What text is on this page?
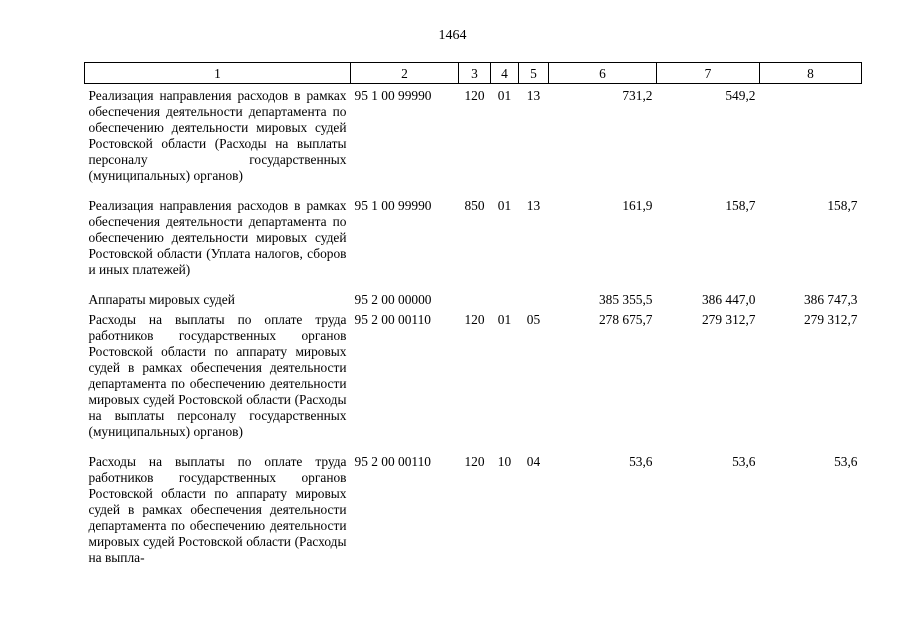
1464
1	2	3	4	5	6	7	8
Реализация направления расходов в рамках обеспечения деятельности департамента по обеспечению деятельности мировых судей Ростовской области (Расходы на выплаты персоналу государственных (муниципальных) органов)	95 1 00 99990	120	01	13	731,2	549,2	
Реализация направления расходов в рамках обеспечения деятельности департамента по обеспечению деятельности мировых судей Ростовской области (Уплата налогов, сборов и иных платежей)	95 1 00 99990	850	01	13	161,9	158,7	158,7
Аппараты мировых судей	95 2 00 00000				385 355,5	386 447,0	386 747,3
Расходы на выплаты по оплате труда работников государственных органов Ростовской области по аппарату мировых судей в рамках обеспечения деятельности департамента по обеспечению деятельности мировых судей Ростовской области (Расходы на выплаты персоналу государственных (муниципальных) органов)	95 2 00 00110	120	01	05	278 675,7	279 312,7	279 312,7
Расходы на выплаты по оплате труда работников государственных органов Ростовской области по аппарату мировых судей в рамках обеспечения деятельности департамента по обеспечению деятельности мировых судей Ростовской области (Расходы на выпла-	95 2 00 00110	120	10	04	53,6	53,6	53,6
